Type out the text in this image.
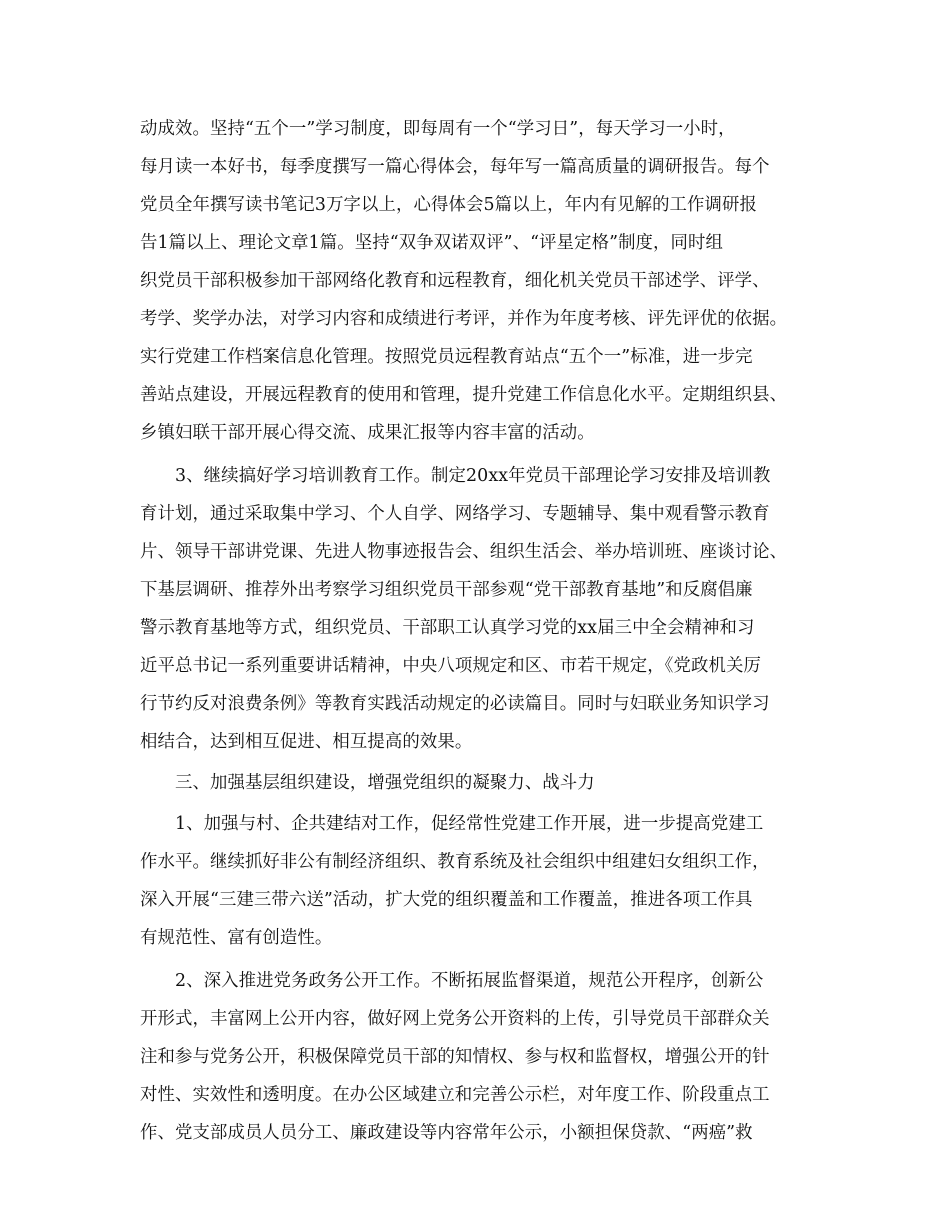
动成效。坚持“五个一”学习制度，即每周有一个“学习日”，每天学习一小时，
每月读一本好书，每季度撰写一篇心得体会，每年写一篇高质量的调研报告。每个
党员全年撰写读书笔记3万字以上，心得体会5篇以上，年内有见解的工作调研报
告1篇以上、理论文章1篇。坚持“双争双诺双评”、“评星定格”制度，同时组
织党员干部积极参加干部网络化教育和远程教育，细化机关党员干部述学、评学、
考学、奖学办法，对学习内容和成绩进行考评，并作为年度考核、评先评优的依据。
实行党建工作档案信息化管理。按照党员远程教育站点“五个一”标准，进一步完
善站点建设，开展远程教育的使用和管理，提升党建工作信息化水平。定期组织县、
乡镇妇联干部开展心得交流、成果汇报等内容丰富的活动。
3、继续搞好学习培训教育工作。制定20xx年党员干部理论学习安排及培训教
育计划，通过采取集中学习、个人自学、网络学习、专题辅导、集中观看警示教育
片、领导干部讲党课、先进人物事迹报告会、组织生活会、举办培训班、座谈讨论、
下基层调研、推荐外出考察学习组织党员干部参观“党干部教育基地”和反腐倡廉
警示教育基地等方式，组织党员、干部职工认真学习党的xx届三中全会精神和习
近平总书记一系列重要讲话精神，中央八项规定和区、市若干规定，《党政机关厉
行节约反对浪费条例》等教育实践活动规定的必读篇目。同时与妇联业务知识学习
相结合，达到相互促进、相互提高的效果。
三、加强基层组织建设，增强党组织的凝聚力、战斗力
1、加强与村、企共建结对工作，促经常性党建工作开展，进一步提高党建工
作水平。继续抓好非公有制经济组织、教育系统及社会组织中组建妇女组织工作，
深入开展“三建三带六送”活动，扩大党的组织覆盖和工作覆盖，推进各项工作具
有规范性、富有创造性。
2、深入推进党务政务公开工作。不断拓展监督渠道，规范公开程序，创新公
开形式，丰富网上公开内容，做好网上党务公开资料的上传，引导党员干部群众关
注和参与党务公开，积极保障党员干部的知情权、参与权和监督权，增强公开的针
对性、实效性和透明度。在办公区域建立和完善公示栏，对年度工作、阶段重点工
作、党支部成员人员分工、廉政建设等内容常年公示，小额担保贷款、“两癌”救
